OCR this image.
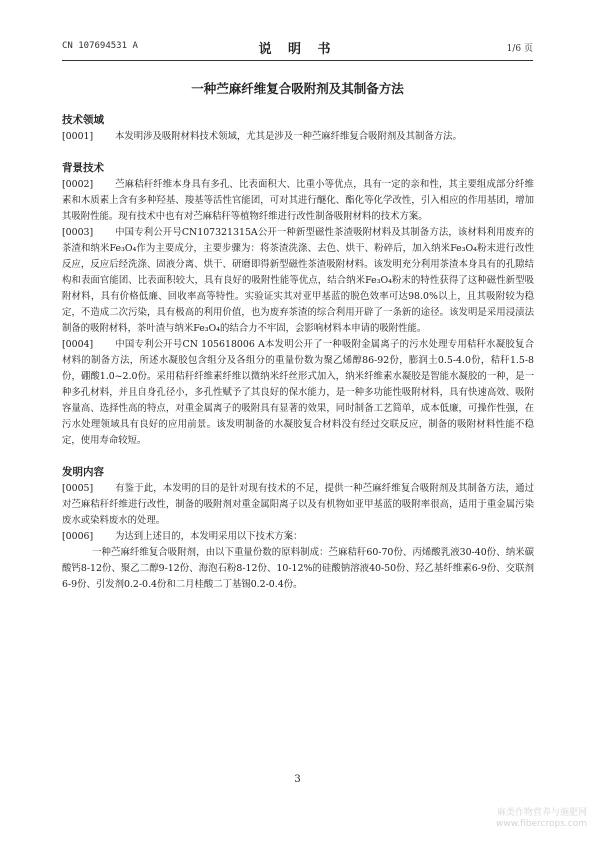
CN 107694531 A	说 明 书	1/6 页
一种苎麻纤维复合吸附剂及其制备方法
技术领域

[0001] 本发明涉及吸附材料技术领域，尤其是涉及一种苎麻纤维复合吸附剂及其制备方法。

背景技术

[0002] 苎麻秸秆纤维本身具有多孔、比表面积大、比重小等优点，具有一定的亲和性，其主要组成部分纤维素和木质素上含有多种羟基、羧基等活性官能团，可对其进行醚化、酯化等化学改性，引入相应的作用基团，增加其吸附性能。现有技术中也有对苎麻秸秆等植物纤维进行改性制备吸附材料的技术方案。

[0003] 中国专利公开号CN107321315A公开一种新型磁性茶渣吸附材料及其制备方法，该材料利用废弃的茶渣和纳米Fe₃O₄作为主要成分，主要步骤为：将茶渣洗涤、去色、烘干、粉碎后，加入纳米Fe₃O₄粉末进行改性反应，反应后经洗涤、固液分离、烘干、研磨即得新型磁性茶渣吸附材料。该发明充分利用茶渣本身具有的孔隙结构和表面官能团、比表面积较大，具有良好的吸附性能等优点，结合纳米Fe₃O₄粉末的特性获得了这种磁性新型吸附材料，具有价格低廉、回收率高等特性。实验证实其对亚甲基蓝的脱色效率可达98.0%以上，且其吸附较为稳定，不造成二次污染，具有极高的利用价值，也为废弃茶渣的综合利用开辟了一条新的途径。该发明是采用浸渍法制备的吸附材料，茶叶渣与纳米Fe₃O₄的结合力不牢固，会影响材料本申请的吸附性能。

[0004] 中国专利公开号CN 105618006 A本发明公开了一种吸附金属离子的污水处理专用秸秆水凝胶复合材料的制备方法，所述水凝胶包含组分及各组分的重量份数为聚乙烯醇86-92份，膨润土0.5-4.0份，秸秆1.5-8份，硼酸1.0~2.0份。采用秸秆纤维素纤维以微纳米纤丝形式加入，纳米纤维素水凝胶是智能水凝胶的一种，是一种多孔材料，并且自身孔径小，多孔性赋予了其良好的保水能力，是一种多功能性吸附材料，具有快速高效、吸附容量高、选择性高的特点，对重金属离子的吸附具有显著的效果，同时制备工艺简单，成本低廉，可操作性强，在污水处理领域具有良好的应用前景。该发明制备的水凝胶复合材料没有经过交联反应，制备的吸附材料性能不稳定，使用寿命较短。

发明内容

[0005] 有鉴于此，本发明的目的是针对现有技术的不足，提供一种苎麻纤维复合吸附剂及其制备方法，通过对苎麻秸秆纤维进行改性，制备的吸附剂对重金属阳离子以及有机物如亚甲基蓝的吸附率很高，适用于重金属污染废水或染料废水的处理。

[0006] 为达到上述目的，本发明采用以下技术方案：

一种苎麻纤维复合吸附剂，由以下重量份数的原料制成：苎麻秸秆60-70份、丙烯酸乳液30-40份、纳米碳酸钙8-12份、聚乙二醇9-12份、海泡石粉8-12份、10-12%的硅酸钠溶液40-50份、羟乙基纤维素6-9份、交联剂6-9份、引发剂0.2-0.4份和二月桂酸二丁基锡0.2-0.4份。

3
麻类作物营养与施肥网
www.fibercrops.com
